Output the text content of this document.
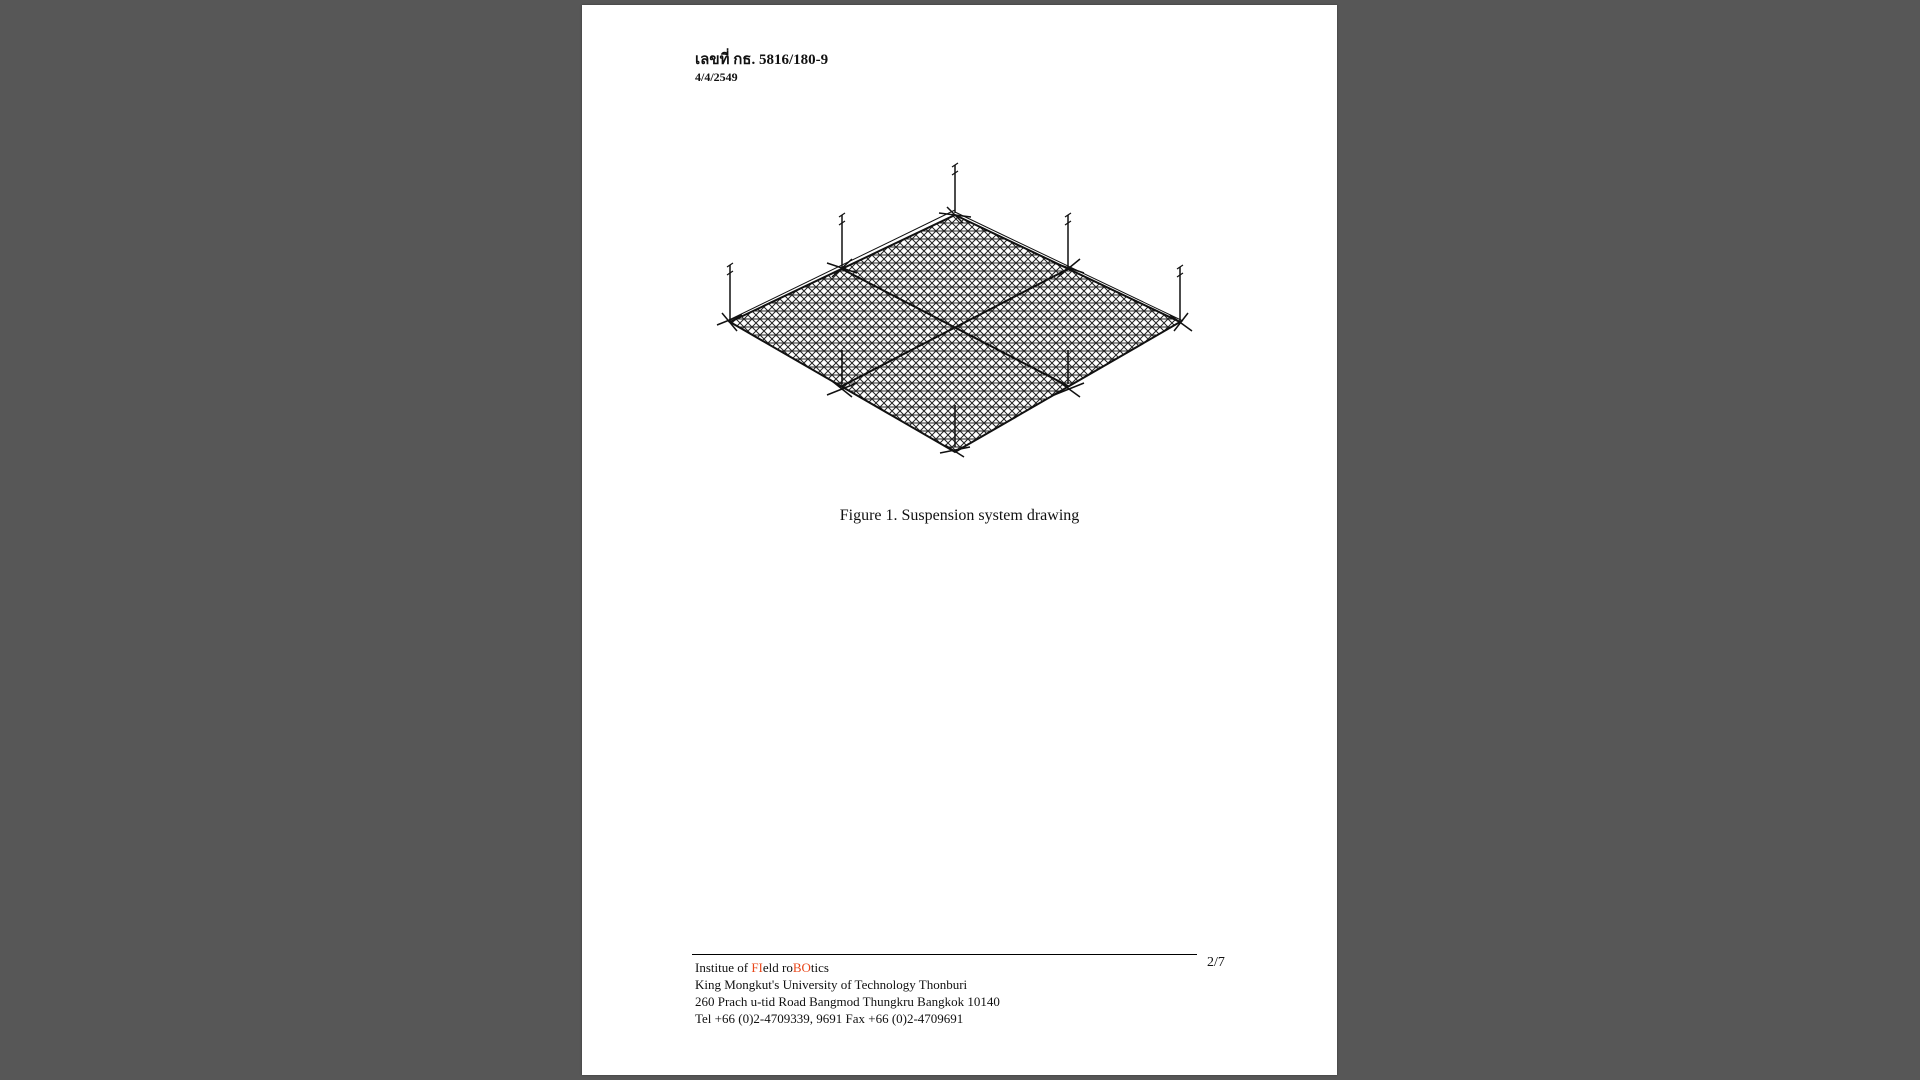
เลขที่ กธ. 5816/180-9
4/4/2549
Figure 1. Suspension system drawing
2/7
Institue of FIeld roBOtics
King Mongkut's University of Technology Thonburi
260 Prach u-tid Road Bangmod Thungkru Bangkok 10140
Tel +66 (0)2-4709339, 9691 Fax +66 (0)2-4709691
